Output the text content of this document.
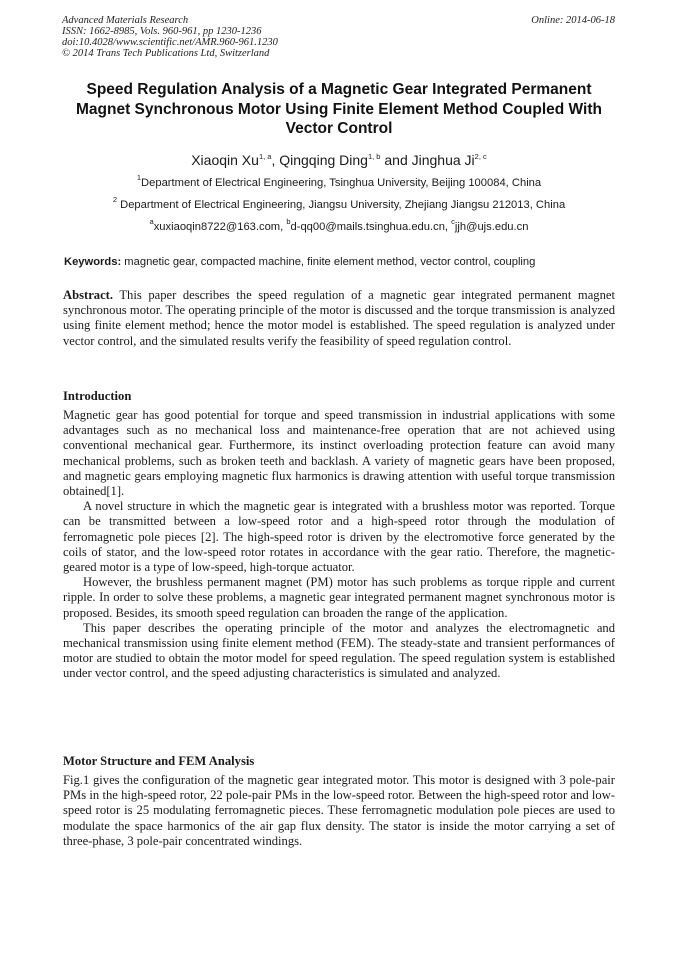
Advanced Materials Research
ISSN: 1662-8985, Vols. 960-961, pp 1230-1236
doi:10.4028/www.scientific.net/AMR.960-961.1230
© 2014 Trans Tech Publications Ltd, Switzerland
Online: 2014-06-18
Speed Regulation Analysis of a Magnetic Gear Integrated Permanent Magnet Synchronous Motor Using Finite Element Method Coupled With Vector Control
Xiaoqin Xu$^{1, a}$, Qingqing Ding$^{1, b}$ and Jinghua Ji$^{2, c}$
$^1$Department of Electrical Engineering, Tsinghua University, Beijing 100084, China
$^2$ Department of Electrical Engineering, Jiangsu University, Zhejiang Jiangsu 212013, China
$^a$xuxiaoqin8722@163.com, $^b$d-qq00@mails.tsinghua.edu.cn, $^c$jjh@ujs.edu.cn
Keywords: magnetic gear, compacted machine, finite element method, vector control, coupling

Abstract. This paper describes the speed regulation of a magnetic gear integrated permanent magnet synchronous motor. The operating principle of the motor is discussed and the torque transmission is analyzed using finite element method; hence the motor model is established. The speed regulation is analyzed under vector control, and the simulated results verify the feasibility of speed regulation control.

Introduction

Magnetic gear has good potential for torque and speed transmission in industrial applications with some advantages such as no mechanical loss and maintenance-free operation that are not achieved using conventional mechanical gear. Furthermore, its instinct overloading protection feature can avoid many mechanical problems, such as broken teeth and backlash. A variety of magnetic gears have been proposed, and magnetic gears employing magnetic flux harmonics is drawing attention with useful torque transmission obtained[1].

A novel structure in which the magnetic gear is integrated with a brushless motor was reported. Torque can be transmitted between a low-speed rotor and a high-speed rotor through the modulation of ferromagnetic pole pieces [2]. The high-speed rotor is driven by the electromotive force generated by the coils of stator, and the low-speed rotor rotates in accordance with the gear ratio. Therefore, the magnetic-geared motor is a type of low-speed, high-torque actuator.

However, the brushless permanent magnet (PM) motor has such problems as torque ripple and current ripple. In order to solve these problems, a magnetic gear integrated permanent magnet synchronous motor is proposed. Besides, its smooth speed regulation can broaden the range of the application.

This paper describes the operating principle of the motor and analyzes the electromagnetic and mechanical transmission using finite element method (FEM). The steady-state and transient performances of motor are studied to obtain the motor model for speed regulation. The speed regulation system is established under vector control, and the speed adjusting characteristics is simulated and analyzed.

Motor Structure and FEM Analysis

Fig.1 gives the configuration of the magnetic gear integrated motor. This motor is designed with 3 pole-pair PMs in the high-speed rotor, 22 pole-pair PMs in the low-speed rotor. Between the high-speed rotor and low-speed rotor is 25 modulating ferromagnetic pieces. These ferromagnetic modulation pole pieces are used to modulate the space harmonics of the air gap flux density. The stator is inside the motor carrying a set of three-phase, 3 pole-pair concentrated windings.
